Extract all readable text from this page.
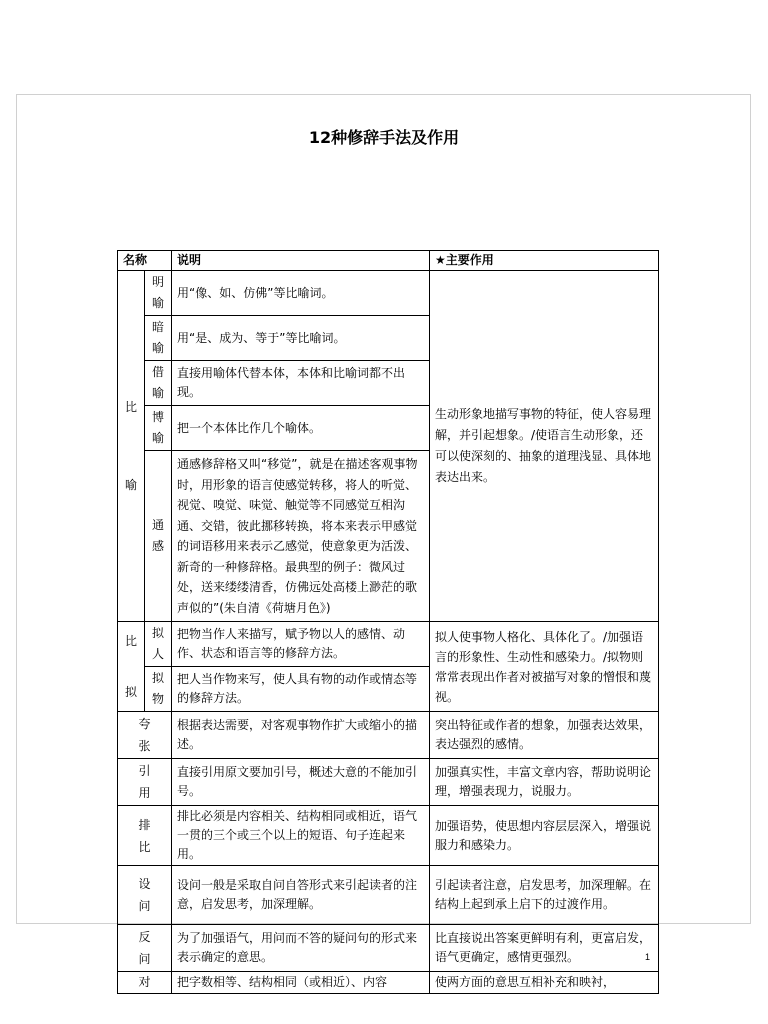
12种修辞手法及作用
名称		说明	★主要作用

比
喻	明喻	用“像、如、仿佛”等比喻词。	生动形象地描写事物的特征，使人容易理解，并引起想象。/使语言生动形象，还可以使深刻的、抽象的道理浅显、具体地表达出来。

	暗喻	用“是、成为、等于”等比喻词。	

	借喻	直接用喻体代替本体，本体和比喻词都不出现。	

	博喻	把一个本体比作几个喻体。	

	通感	通感修辞格又叫“移觉”，就是在描述客观事物时，用形象的语言使感觉转移，将人的听觉、视觉、嗅觉、味觉、触觉等不同感觉互相沟通、交错，彼此挪移转换，将本来表示甲感觉的词语移用来表示乙感觉，使意象更为活泼、新奇的一种修辞格。最典型的例子：微风过处，送来缕缕清香，仿佛远处高楼上渺茫的歌声似的”(朱自清《荷塘月色》)	

比
拟	拟人	把物当作人来描写，赋予物以人的感情、动作、状态和语言等的修辞方法。	拟人使事物人格化、具体化了。/加强语言的形象性、生动性和感染力。/拟物则常常表现出作者对被描写对象的憎恨和蔑视。

	拟物	把人当作物来写，使人具有物的动作或情态等的修辞方法。	

夸张		根据表达需要，对客观事物作扩大或缩小的描述。	突出特征或作者的想象，加强表达效果，表达强烈的感情。

引用		直接引用原文要加引号，概述大意的不能加引号。	加强真实性，丰富文章内容，帮助说明论理，增强表现力，说服力。

排比		排比必须是内容相关、结构相同或相近，语气一贯的三个或三个以上的短语、句子连起来用。	加强语势，使思想内容层层深入，增强说服力和感染力。

设问		设问一般是采取自问自答形式来引起读者的注意，启发思考，加深理解。	引起读者注意，启发思考，加深理解。在结构上起到承上启下的过渡作用。

反问		为了加强语气，用问而不答的疑问句的形式来表示确定的意思。	比直接说出答案更鲜明有利，更富启发，语气更确定，感情更强烈。
对		把字数相等、结构相同（或相近）、内容	使两方面的意思互相补充和映衬，
1
